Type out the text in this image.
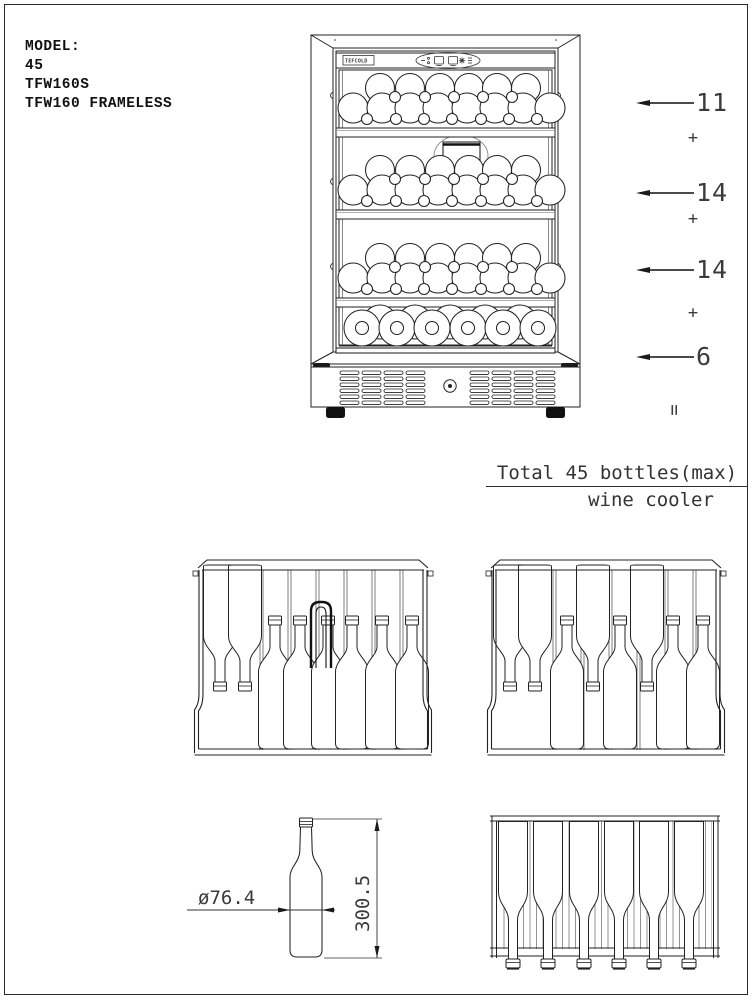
MODEL:
45
TFW160S
TFW160 FRAMELESS
TEFCOLD
11
+
14
+
14
+
6
=
Total 45 bottles(max)
wine cooler
ø76.4	300.5
